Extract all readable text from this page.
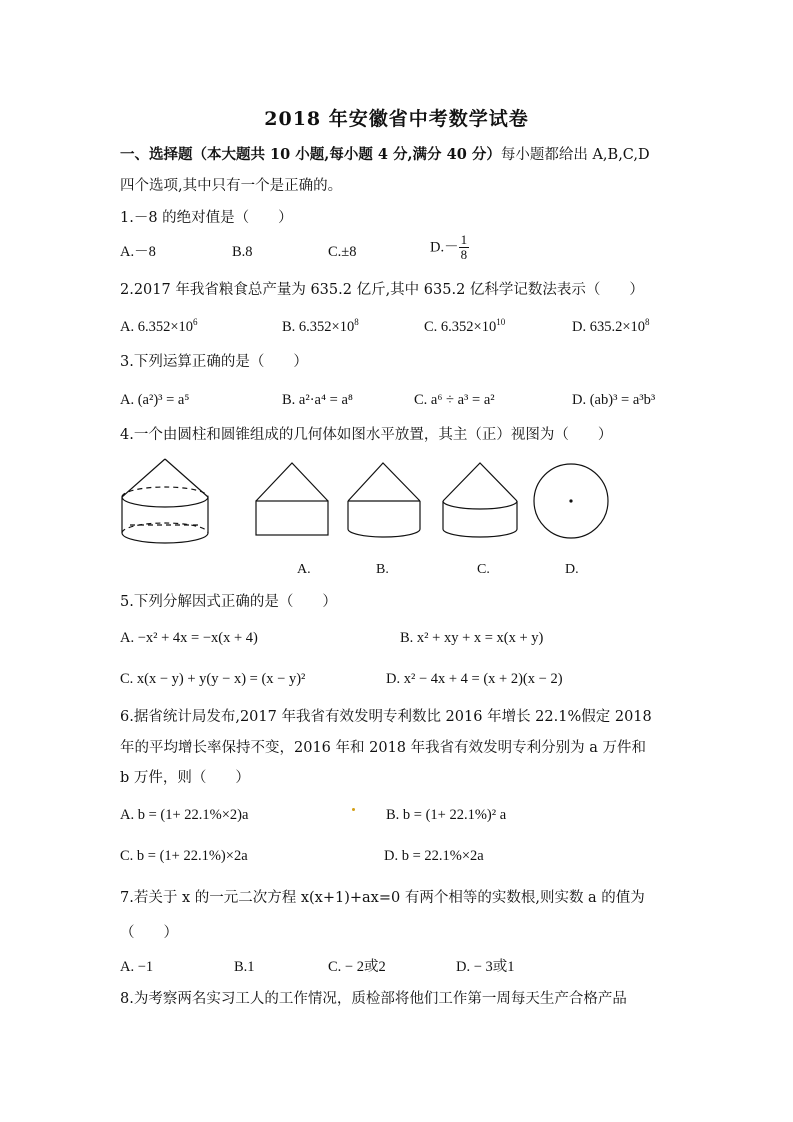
2018 年安徽省中考数学试卷
一、选择题（本大题共 10 小题,每小题 4 分,满分 40 分）每小题都给出 A,B,C,D
四个选项,其中只有一个是正确的。
1.－8 的绝对值是（　　）
A.－8	B.8	C.±8	$D.- \frac{1}{8}$
2.2017 年我省粮食总产量为 635.2 亿斤,其中 635.2 亿科学记数法表示（　　）
A. $6.352\times 10^6$	B. $6.352\times 10^8$	C. $6.352\times 10^{10}$	D. $635.2\times 10^8$
3.下列运算正确的是（　　）
A. (a²)³ = a⁵	B. a²·a⁴ = a⁸	C. a⁶ ÷ a³ = a²	D. (ab)³ = a³b³
4.一个由圆柱和圆锥组成的几何体如图水平放置，其主（正）视图为（　　）
A.	B.	C.	D.
5.下列分解因式正确的是（　　）
A. −x² + 4x = −x(x + 4)	B. x² + xy + x = x(x + y)
C. x(x − y) + y(y − x) = (x − y)²	D. x² − 4x + 4 = (x + 2)(x − 2)
6.据省统计局发布,2017 年我省有效发明专利数比 2016 年增长 22.1%假定 2018
年的平均增长率保持不变，2016 年和 2018 年我省有效发明专利分别为 a 万件和
b 万件，则（　　）
A. b = (1+ 22.1%×2)a	B. b = (1+ 22.1%)² a
C. b = (1+ 22.1%)×2a	D. b = 22.1%×2a
7.若关于 x 的一元二次方程 x(x+1)+ax=0 有两个相等的实数根,则实数 a 的值为
（　　）
A. −1	B.1	C. − 2或2	D. − 3或1
8.为考察两名实习工人的工作情况，质检部将他们工作第一周每天生产合格产品
